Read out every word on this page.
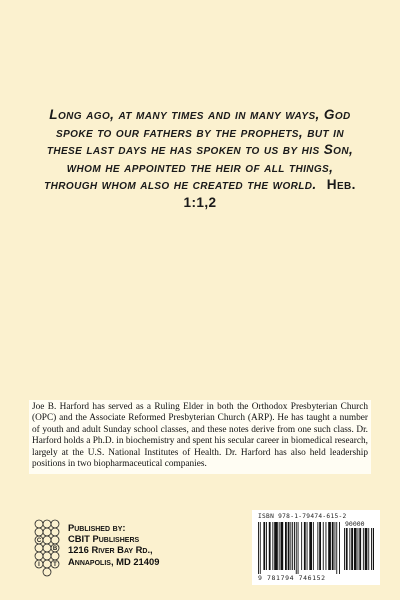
Long ago, at many times and in many ways, God spoke to our fathers by the prophets, but in these last days he has spoken to us by his Son, whom he appointed the heir of all things, through whom also he created the world. Heb. 1:1,2
Joe B. Harford has served as a Ruling Elder in both the Orthodox Presbyterian Church (OPC) and the Associate Reformed Presbyterian Church (ARP). He has taught a number of youth and adult Sunday school classes, and these notes derive from one such class. Dr. Harford holds a Ph.D. in biochemistry and spent his secular career in biomedical research, largely at the U.S. National Institutes of Health. Dr. Harford has also held leadership positions in two biopharmaceutical companies.
C
B
I T
Published by:
CBIT Publishers
1216 River Bay Rd.,
Annapolis, MD 21409
ISBN 978-1-79474-615-2
90000
9 781794 746152
